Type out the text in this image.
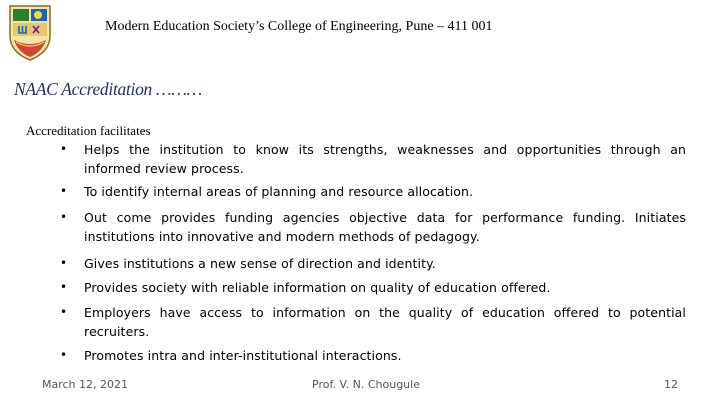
Modern Education Society’s College of Engineering, Pune – 411 001
NAAC Accreditation ………
Accreditation facilitates
• Helps the institution to know its strengths, weaknesses and opportunities through an informed review process.
• To identify internal areas of planning and resource allocation.
• Out come provides funding agencies objective data for performance funding. Initiates institutions into innovative and modern methods of pedagogy.
• Gives institutions a new sense of direction and identity.
• Provides society with reliable information on quality of education offered.
• Employers have access to information on the quality of education offered to potential recruiters.
• Promotes intra and inter-institutional interactions.
March 12, 2021	Prof. V. N. Chougule	12
